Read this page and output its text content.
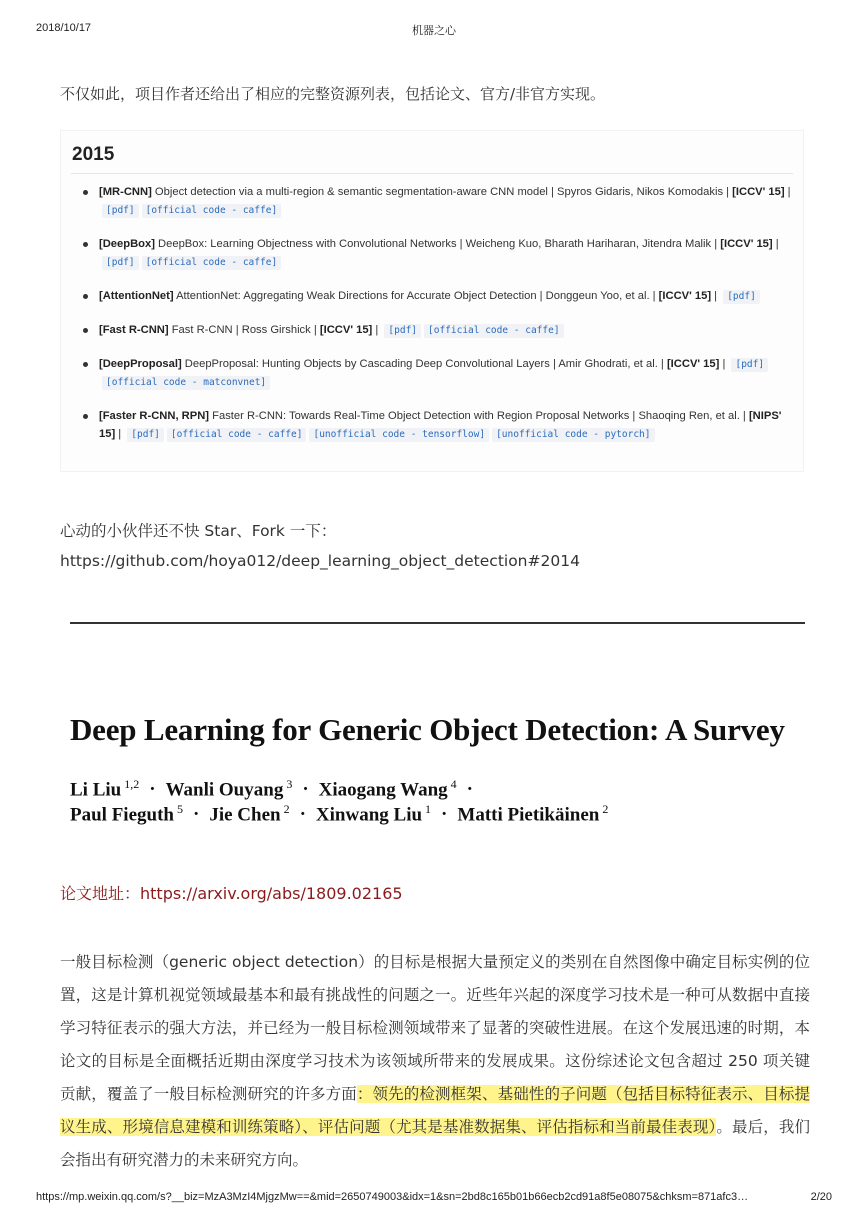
2018/10/17	机器之心

不仅如此，项目作者还给出了相应的完整资源列表，包括论文、官方/非官方实现。

2015
[MR-CNN] Object detection via a multi-region & semantic segmentation-aware CNN model | Spyros Gidaris, Nikos Komodakis | [ICCV' 15] | [pdf] [official code - caffe]
[DeepBox] DeepBox: Learning Objectness with Convolutional Networks | Weicheng Kuo, Bharath Hariharan, Jitendra Malik | [ICCV' 15] | [pdf] [official code - caffe]
[AttentionNet] AttentionNet: Aggregating Weak Directions for Accurate Object Detection | Donggeun Yoo, et al. | [ICCV' 15] | [pdf]
[Fast R-CNN] Fast R-CNN | Ross Girshick | [ICCV' 15] | [pdf] [official code - caffe]
[DeepProposal] DeepProposal: Hunting Objects by Cascading Deep Convolutional Layers | Amir Ghodrati, et al. | [ICCV' 15] | [pdf][official code - matconvnet]
[Faster R-CNN, RPN] Faster R-CNN: Towards Real-Time Object Detection with Region Proposal Networks | Shaoqing Ren, et al. | [NIPS' 15] | [pdf] [official code - caffe] [unofficial code - tensorflow] [unofficial code - pytorch]
心动的小伙伴还不快 Star、Fork 一下：
https://github.com/hoya012/deep_learning_object_detection#2014
Deep Learning for Generic Object Detection: A Survey
Li Liu $^{1,2}$ · Wanli Ouyang $^3$ · Xiaogang Wang $^4$ ·
Paul Fieguth $^5$ · Jie Chen $^2$ · Xinwang Liu $^1$ · Matti Pietikäinen $^2$
论文地址：https://arxiv.org/abs/1809.02165

一般目标检测（generic object detection）的目标是根据大量预定义的类别在自然图像中确定目标实例的位置，这是计算机视觉领域最基本和最有挑战性的问题之一。近些年兴起的深度学习技术是一种可从数据中直接学习特征表示的强大方法，并已经为一般目标检测领域带来了显著的突破性进展。在这个发展迅速的时期，本论文的目标是全面概括近期由深度学习技术为该领域所带来的发展成果。这份综述论文包含超过 250 项关键贡献，覆盖了一般目标检测研究的许多方面：领先的检测框架、基础性的子问题（包括目标特征表示、目标提议生成、形境信息建模和训练策略）、评估问题（尤其是基准数据集、评估指标和当前最佳表现）。最后，我们会指出有研究潜力的未来研究方向。

https://mp.weixin.qq.com/s?__biz=MzA3MzI4MjgzMw==&mid=2650749003&idx=1&sn=2bd8c165b01b66ecb2cd91a8f5e08075&chksm=871afc3…	2/20
